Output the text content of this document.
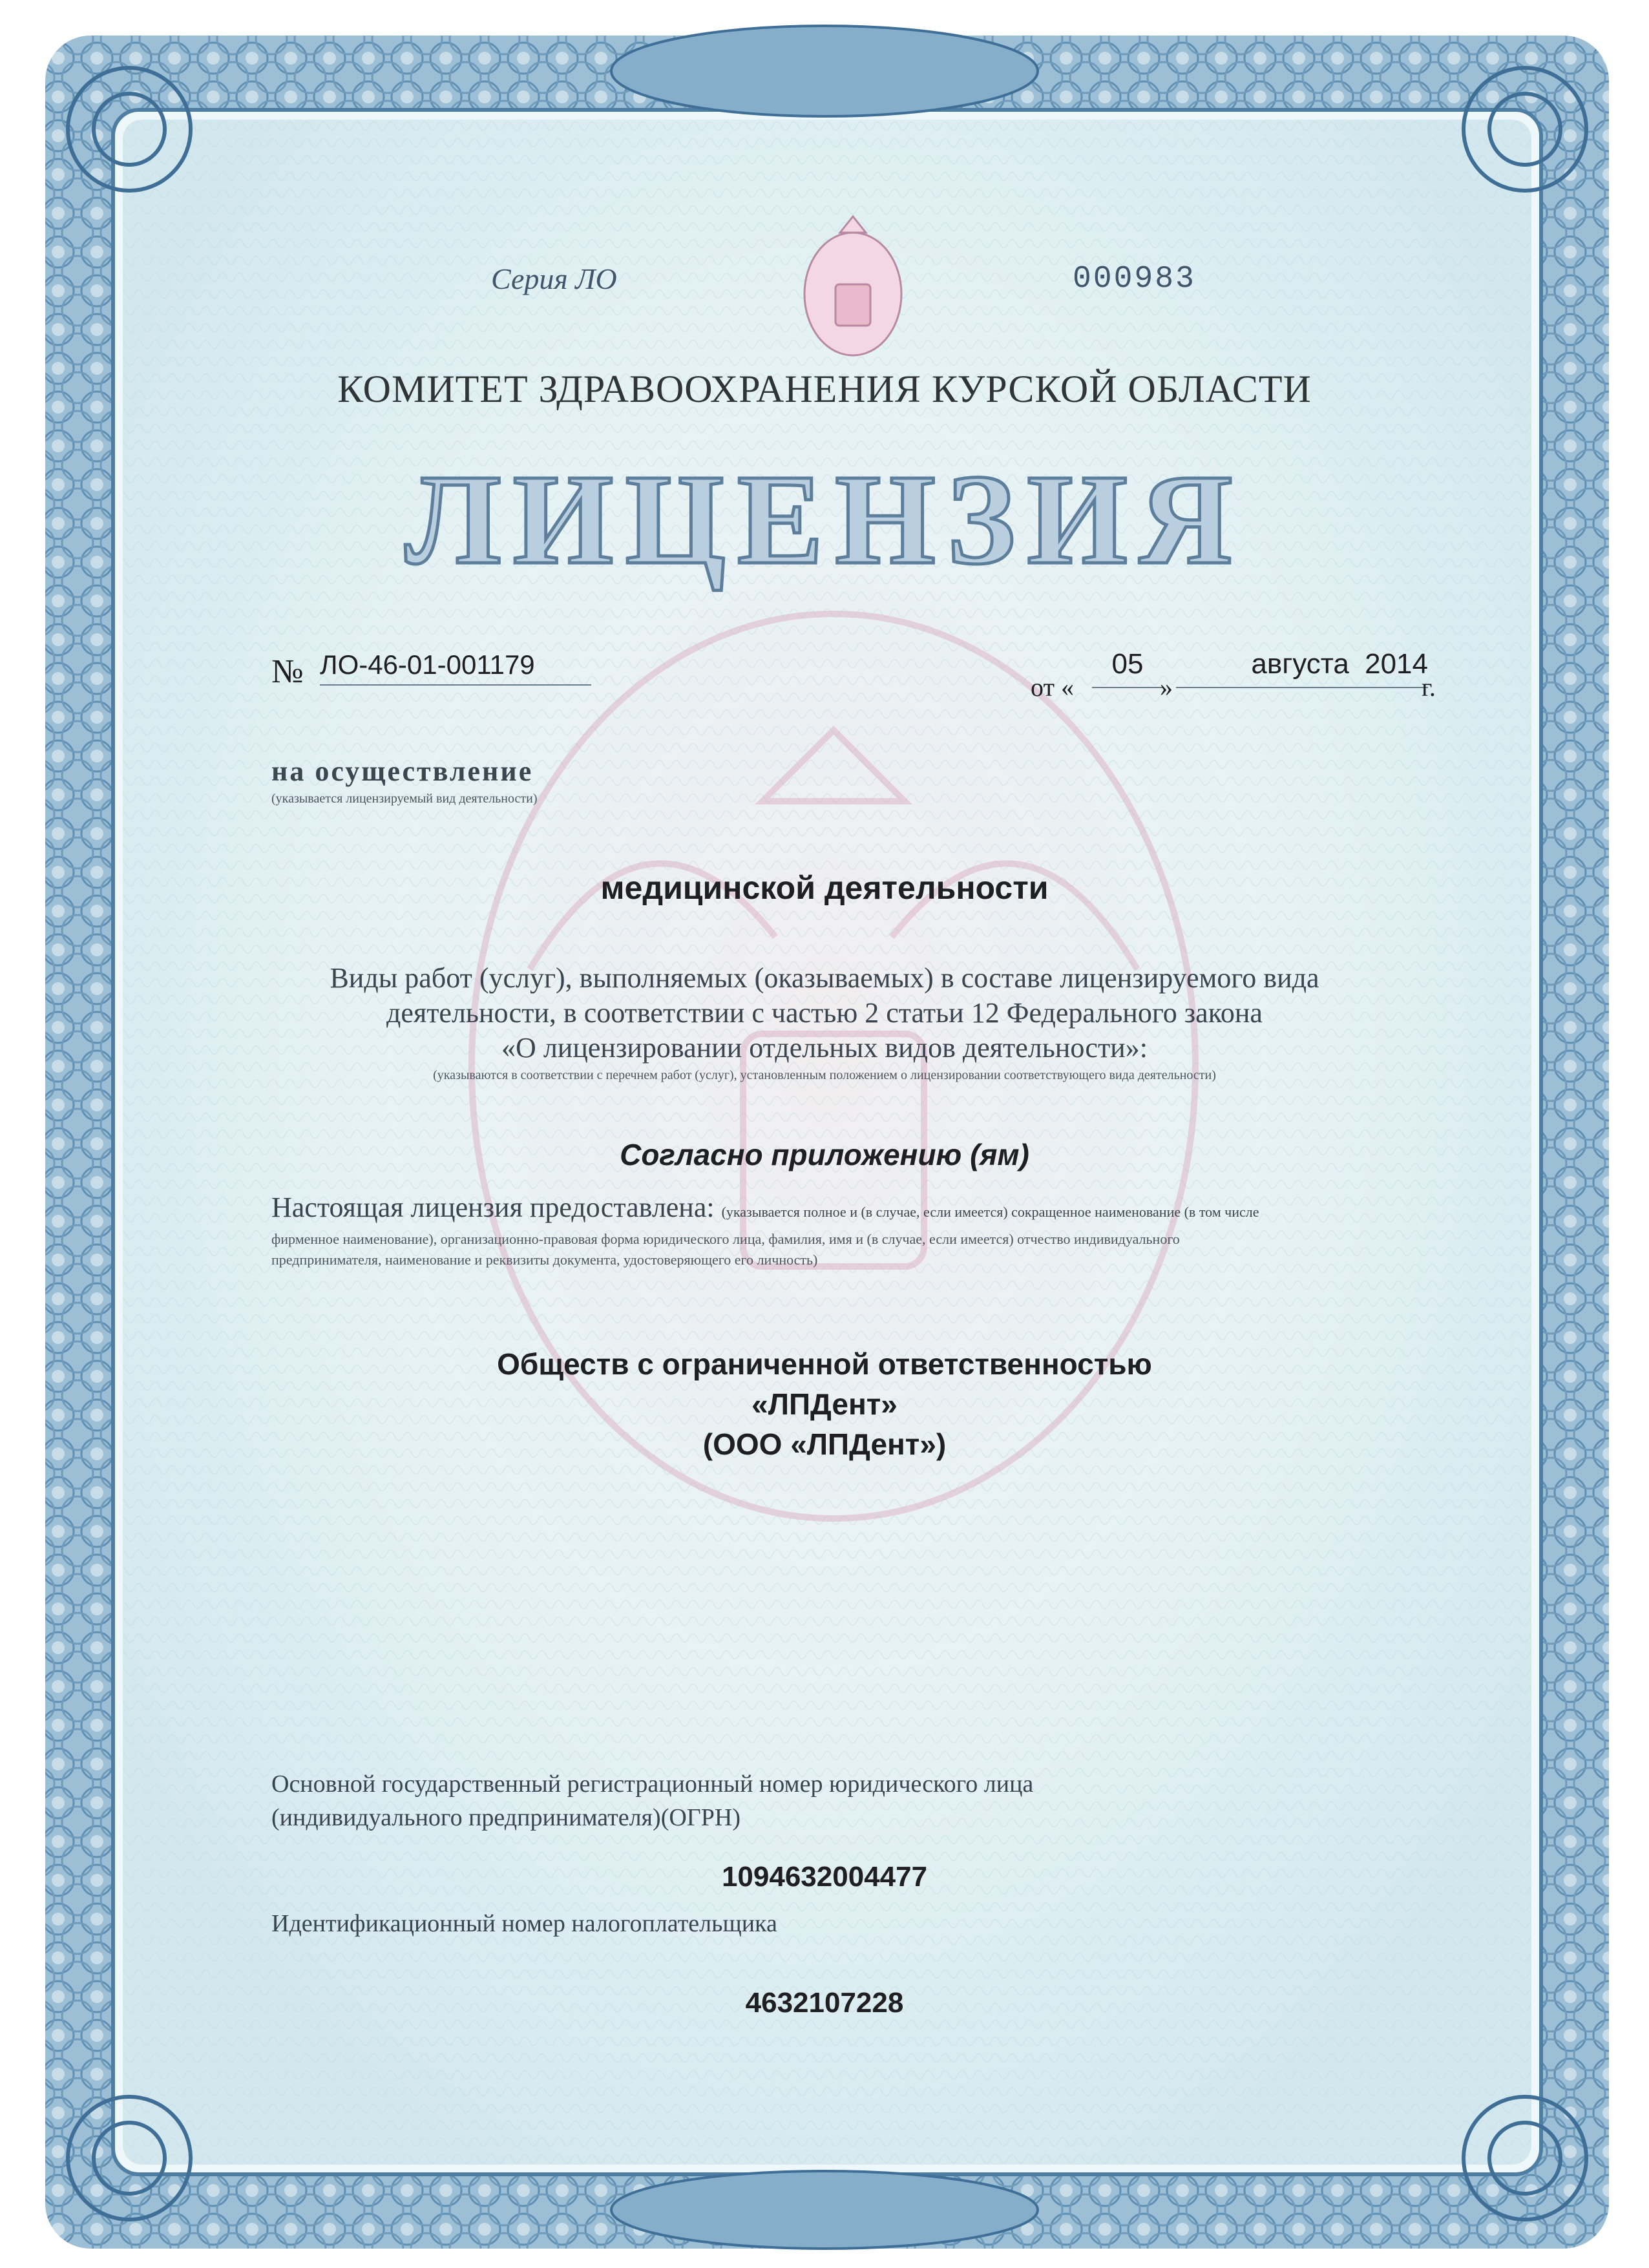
Серия ЛО	000983
КОМИТЕТ ЗДРАВООХРАНЕНИЯ КУРСКОЙ ОБЛАСТИ
ЛИЦЕНЗИЯ
№ ЛО-46-01-001179
от «
05
»
августа 2014
г.
на осуществление
(указывается лицензируемый вид деятельности)
медицинской деятельности
Виды работ (услуг), выполняемых (оказываемых) в составе лицензируемого вида
деятельности, в соответствии с частью 2 статьи 12 Федерального закона
«О лицензировании отдельных видов деятельности»:
(указываются в соответствии с перечнем работ (услуг), установленным положением о лицензировании соответствующего вида деятельности)
Согласно приложению (ям)
Настоящая лицензия предоставлена: (указывается полное и (в случае, если имеется) сокращенное наименование (в том числе
фирменное наименование), организационно-правовая форма юридического лица, фамилия, имя и (в случае, если имеется) отчество индивидуального
предпринимателя, наименование и реквизиты документа, удостоверяющего его личность)
Обществ с ограниченной ответственностью
«ЛПДент»
(ООО «ЛПДент»)
Основной государственный регистрационный номер юридического лица
(индивидуального предпринимателя)(ОГРН)
1094632004477
Идентификационный номер налогоплательщика
4632107228
